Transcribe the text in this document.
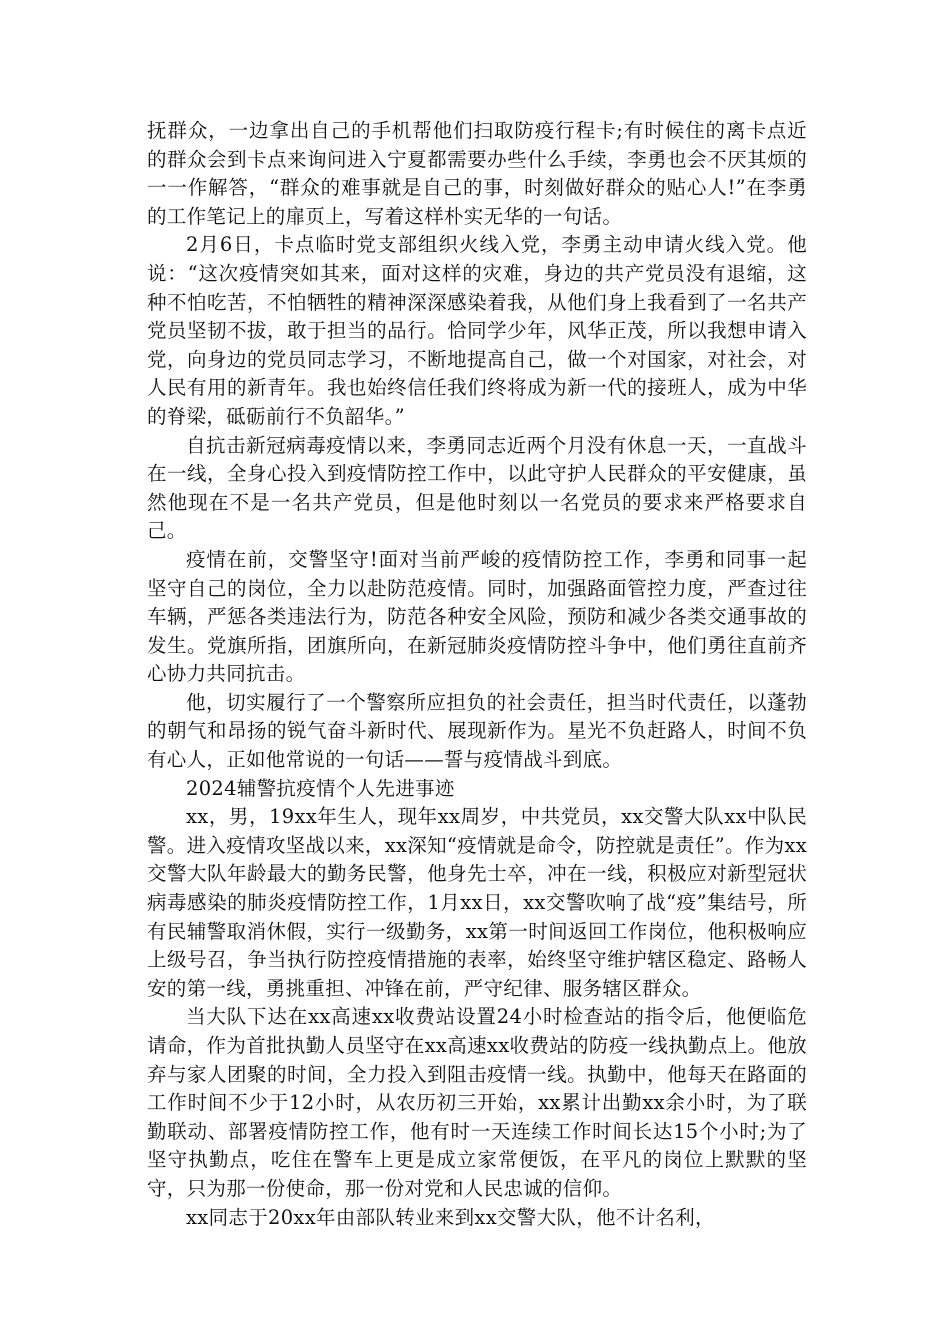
抚群众，一边拿出自己的手机帮他们扫取防疫行程卡;有时候住的离卡点近的群众会到卡点来询问进入宁夏都需要办些什么手续，李勇也会不厌其烦的一一作解答，“群众的难事就是自己的事，时刻做好群众的贴心人!”在李勇的工作笔记上的扉页上，写着这样朴实无华的一句话。

2月6日，卡点临时党支部组织火线入党，李勇主动申请火线入党。他说：“这次疫情突如其来，面对这样的灾难，身边的共产党员没有退缩，这种不怕吃苦，不怕牺牲的精神深深感染着我，从他们身上我看到了一名共产党员坚韧不拔，敢于担当的品行。恰同学少年，风华正茂，所以我想申请入党，向身边的党员同志学习，不断地提高自己，做一个对国家，对社会，对人民有用的新青年。我也始终信任我们终将成为新一代的接班人，成为中华的脊梁，砥砺前行不负韶华。”

自抗击新冠病毒疫情以来，李勇同志近两个月没有休息一天，一直战斗在一线，全身心投入到疫情防控工作中，以此守护人民群众的平安健康，虽然他现在不是一名共产党员，但是他时刻以一名党员的要求来严格要求自己。

疫情在前，交警坚守!面对当前严峻的疫情防控工作，李勇和同事一起坚守自己的岗位，全力以赴防范疫情。同时，加强路面管控力度，严查过往车辆，严惩各类违法行为，防范各种安全风险，预防和减少各类交通事故的发生。党旗所指，团旗所向，在新冠肺炎疫情防控斗争中，他们勇往直前齐心协力共同抗击。

他，切实履行了一个警察所应担负的社会责任，担当时代责任，以蓬勃的朝气和昂扬的锐气奋斗新时代、展现新作为。星光不负赶路人，时间不负有心人，正如他常说的一句话——誓与疫情战斗到底。

2024辅警抗疫情个人先进事迹

xx，男，19xx年生人，现年xx周岁，中共党员，xx交警大队xx中队民警。进入疫情攻坚战以来，xx深知“疫情就是命令，防控就是责任”。作为xx交警大队年龄最大的勤务民警，他身先士卒，冲在一线，积极应对新型冠状病毒感染的肺炎疫情防控工作，1月xx日，xx交警吹响了战“疫”集结号，所有民辅警取消休假，实行一级勤务，xx第一时间返回工作岗位，他积极响应上级号召，争当执行防控疫情措施的表率，始终坚守维护辖区稳定、路畅人安的第一线，勇挑重担、冲锋在前，严守纪律、服务辖区群众。

当大队下达在xx高速xx收费站设置24小时检查站的指令后，他便临危请命，作为首批执勤人员坚守在xx高速xx收费站的防疫一线执勤点上。他放弃与家人团聚的时间，全力投入到阻击疫情一线。执勤中，他每天在路面的工作时间不少于12小时，从农历初三开始，xx累计出勤xx余小时，为了联勤联动、部署疫情防控工作，他有时一天连续工作时间长达15个小时;为了坚守执勤点，吃住在警车上更是成立家常便饭，在平凡的岗位上默默的坚守，只为那一份使命，那一份对党和人民忠诚的信仰。

xx同志于20xx年由部队转业来到xx交警大队，他不计名利，
